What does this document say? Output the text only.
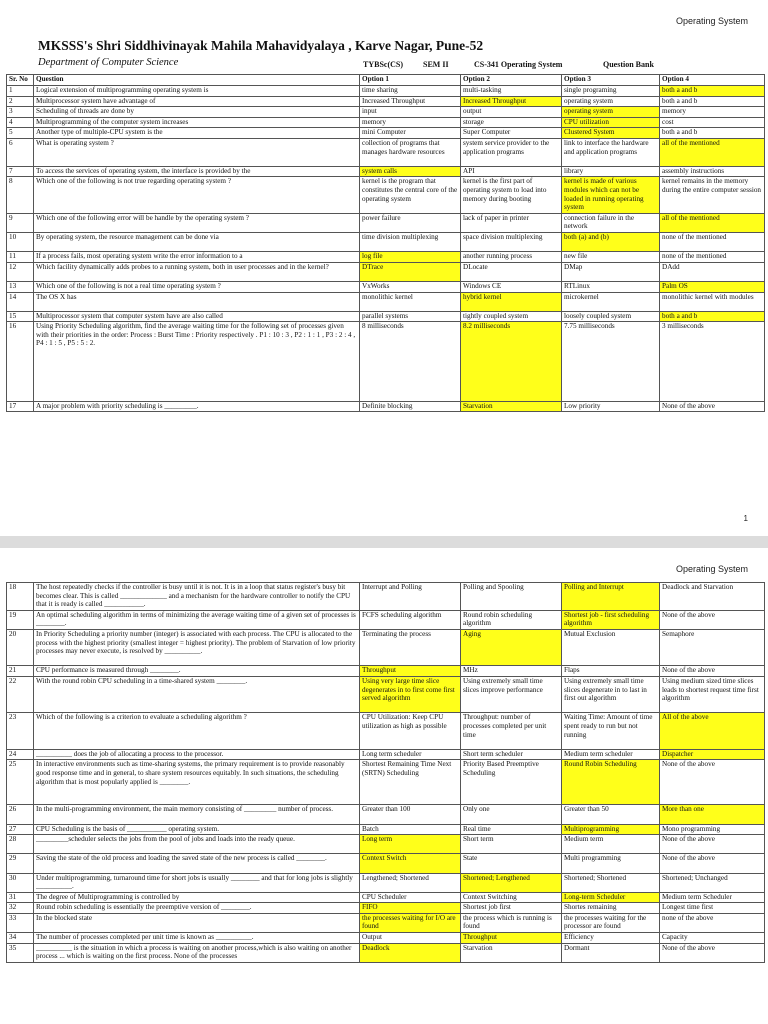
Operating System
MKSSS's Shri Siddhivinayak Mahila Mahavidyalaya , Karve Nagar, Pune-52
Department of Computer Science	TYBSc(CS) SEM II	CS-341 Operating System	Question Bank
Sr. No	Question	Option 1	Option 2	Option 3	Option 4
1	Logical extension of multiprogramming operating system is	time sharing	multi-tasking	single programing	both a and b
2	Multiprocessor system have advantage of	Increased Throughput	Increased Throughput	operating system	both a and b
3	Scheduling of threads are done by	input	output	operating system	memory
4	Multiprogramming of the computer system increases	memory	storage	CPU utilization	cost
5	Another type of multiple-CPU system is the	mini Computer	Super Computer	Clustered System	both a and b
6	What is operating system ?	collection of programs that manages hardware resources	system service provider to the application programs	link to interface the hardware and application programs	all of the mentioned
7	To access the services of operating system, the interface is provided by the	system calls	API	library	assembly instructions
8	Which one of the following is not true regarding operating system ?	kernel is the program that constitutes the central core of the operating system	kernel is the first part of operating system to load into memory during booting	kernel is made of various modules which can not be loaded in running operating system	kernel remains in the memory during the entire computer session
9	Which one of the following error will be handle by the operating system ?	power failure	lack of paper in printer	connection failure in the network	all of the mentioned
10	By operating system, the resource management can be done via	time division multiplexing	space division multiplexing	both (a) and (b)	none of the mentioned
11	If a process fails, most operating system write the error information to a	log file	another running process	new file	none of the mentioned
12	Which facility dynamically adds probes to a running system, both in user processes and in the kernel?	DTrace	DLocate	DMap	DAdd
13	Which one of the following is not a real time operating system ?	VxWorks	Windows CE	RTLinux	Palm OS
14	The OS X has	monolithic kernel	hybrid kernel	microkernel	monolithic kernel with modules
15	Multiprocessor system that computer system have are also called	parallel systems	tightly coupled system	loosely coupled system	both a and b
16	Using Priority Scheduling algorithm, find the average waiting time for the following set of processes given with their priorities in the order: Process : Burst Time : Priority respectively . P1 : 10 : 3 , P2 : 1 : 1 , P3 : 2 : 4 , P4 : 1 : 5 , P5 : 5 : 2.	8 milliseconds	8.2 milliseconds	7.75 milliseconds	3 milliseconds
17	A major problem with priority scheduling is _________.	Definite blocking	Starvation	Low priority	None of the above
1
Operating System
18	The host repeatedly checks if the controller is busy until it is not. It is in a loop that status register's busy bit becomes clear. This is called _____________ and a mechanism for the hardware controller to notify the CPU that it is ready is called ___________.	Interrupt and Polling	Polling and Spooling	Polling and Interrupt	Deadlock and Starvation
19	An optimal scheduling algorithm in terms of minimizing the average waiting time of a given set of processes is ________.	FCFS scheduling algorithm	Round robin scheduling algorithm	Shortest job - first scheduling algorithm	None of the above
20	In Priority Scheduling a priority number (integer) is associated with each process. The CPU is allocated to the process with the highest priority (smallest integer = highest priority). The problem of Starvation of low priority processes may never execute, is resolved by __________.	Terminating the process	Aging	Mutual Exclusion	Semaphore
21	CPU performance is measured through ________.	Throughput	MHz	Flaps	None of the above
22	With the round robin CPU scheduling in a time-shared system ________.	Using very large time slice degenerates in to first come first served algorithm	Using extremely small time slices improve performance	Using extremely small time slices degenerate in to last in first out algorithm	Using medium sized time slices leads to shortest request time first algorithm
23	Which of the following is a criterion to evaluate a scheduling algorithm ?	CPU Utilization: Keep CPU utilization as high as possible	Throughput: number of processes completed per unit time	Waiting Time: Amount of time spent ready to run but not running	All of the above
24	__________ does the job of allocating a process to the processor.	Long term scheduler	Short term scheduler	Medium term scheduler	Dispatcher
25	In interactive environments such as time-sharing systems, the primary requirement is to provide reasonably good response time and in general, to share system resources equitably. In such situations, the scheduling algorithm that is most popularly applied is ________.	Shortest Remaining Time Next (SRTN) Scheduling	Priority Based Preemptive Scheduling	Round Robin Scheduling	None of the above
26	In the multi-programming environment, the main memory consisting of _________ number of process.	Greater than 100	Only one	Greater than 50	More than one
27	CPU Scheduling is the basis of ___________ operating system.	Batch	Real time	Multiprogramming	Mono programming
28	_________scheduler selects the jobs from the pool of jobs and loads into the ready queue.	Long term	Short term	Medium term	None of the above
29	Saving the state of the old process and loading the saved state of the new process is called ________.	Context Switch	State	Multi programming	None of the above
30	Under multiprogramming, turnaround time for short jobs is usually ________ and that for long jobs is slightly __________.	Lengthened; Shortened	Shortened; Lengthened	Shortened; Shortened	Shortened; Unchanged
31	The degree of Multiprogramming is controlled by	CPU Scheduler	Context Switching	Long-term Scheduler	Medium term Scheduler
32	Round robin scheduling is essentially the preemptive version of ________.	FIFO	Shortest job first	Shortes remaining	Longest time first
33	In the blocked state	the processes waiting for I/O are found	the process which is running is found	the processes waiting for the processor are found	none of the above
34	The number of processes completed per unit time is known as __________.	Output	Throughput	Efficiency	Capacity
35	__________ is the situation in which a process is waiting on another process,which is also waiting on another process ... which is waiting on the first process. None of the processes	Deadlock	Starvation	Dormant	None of the above
